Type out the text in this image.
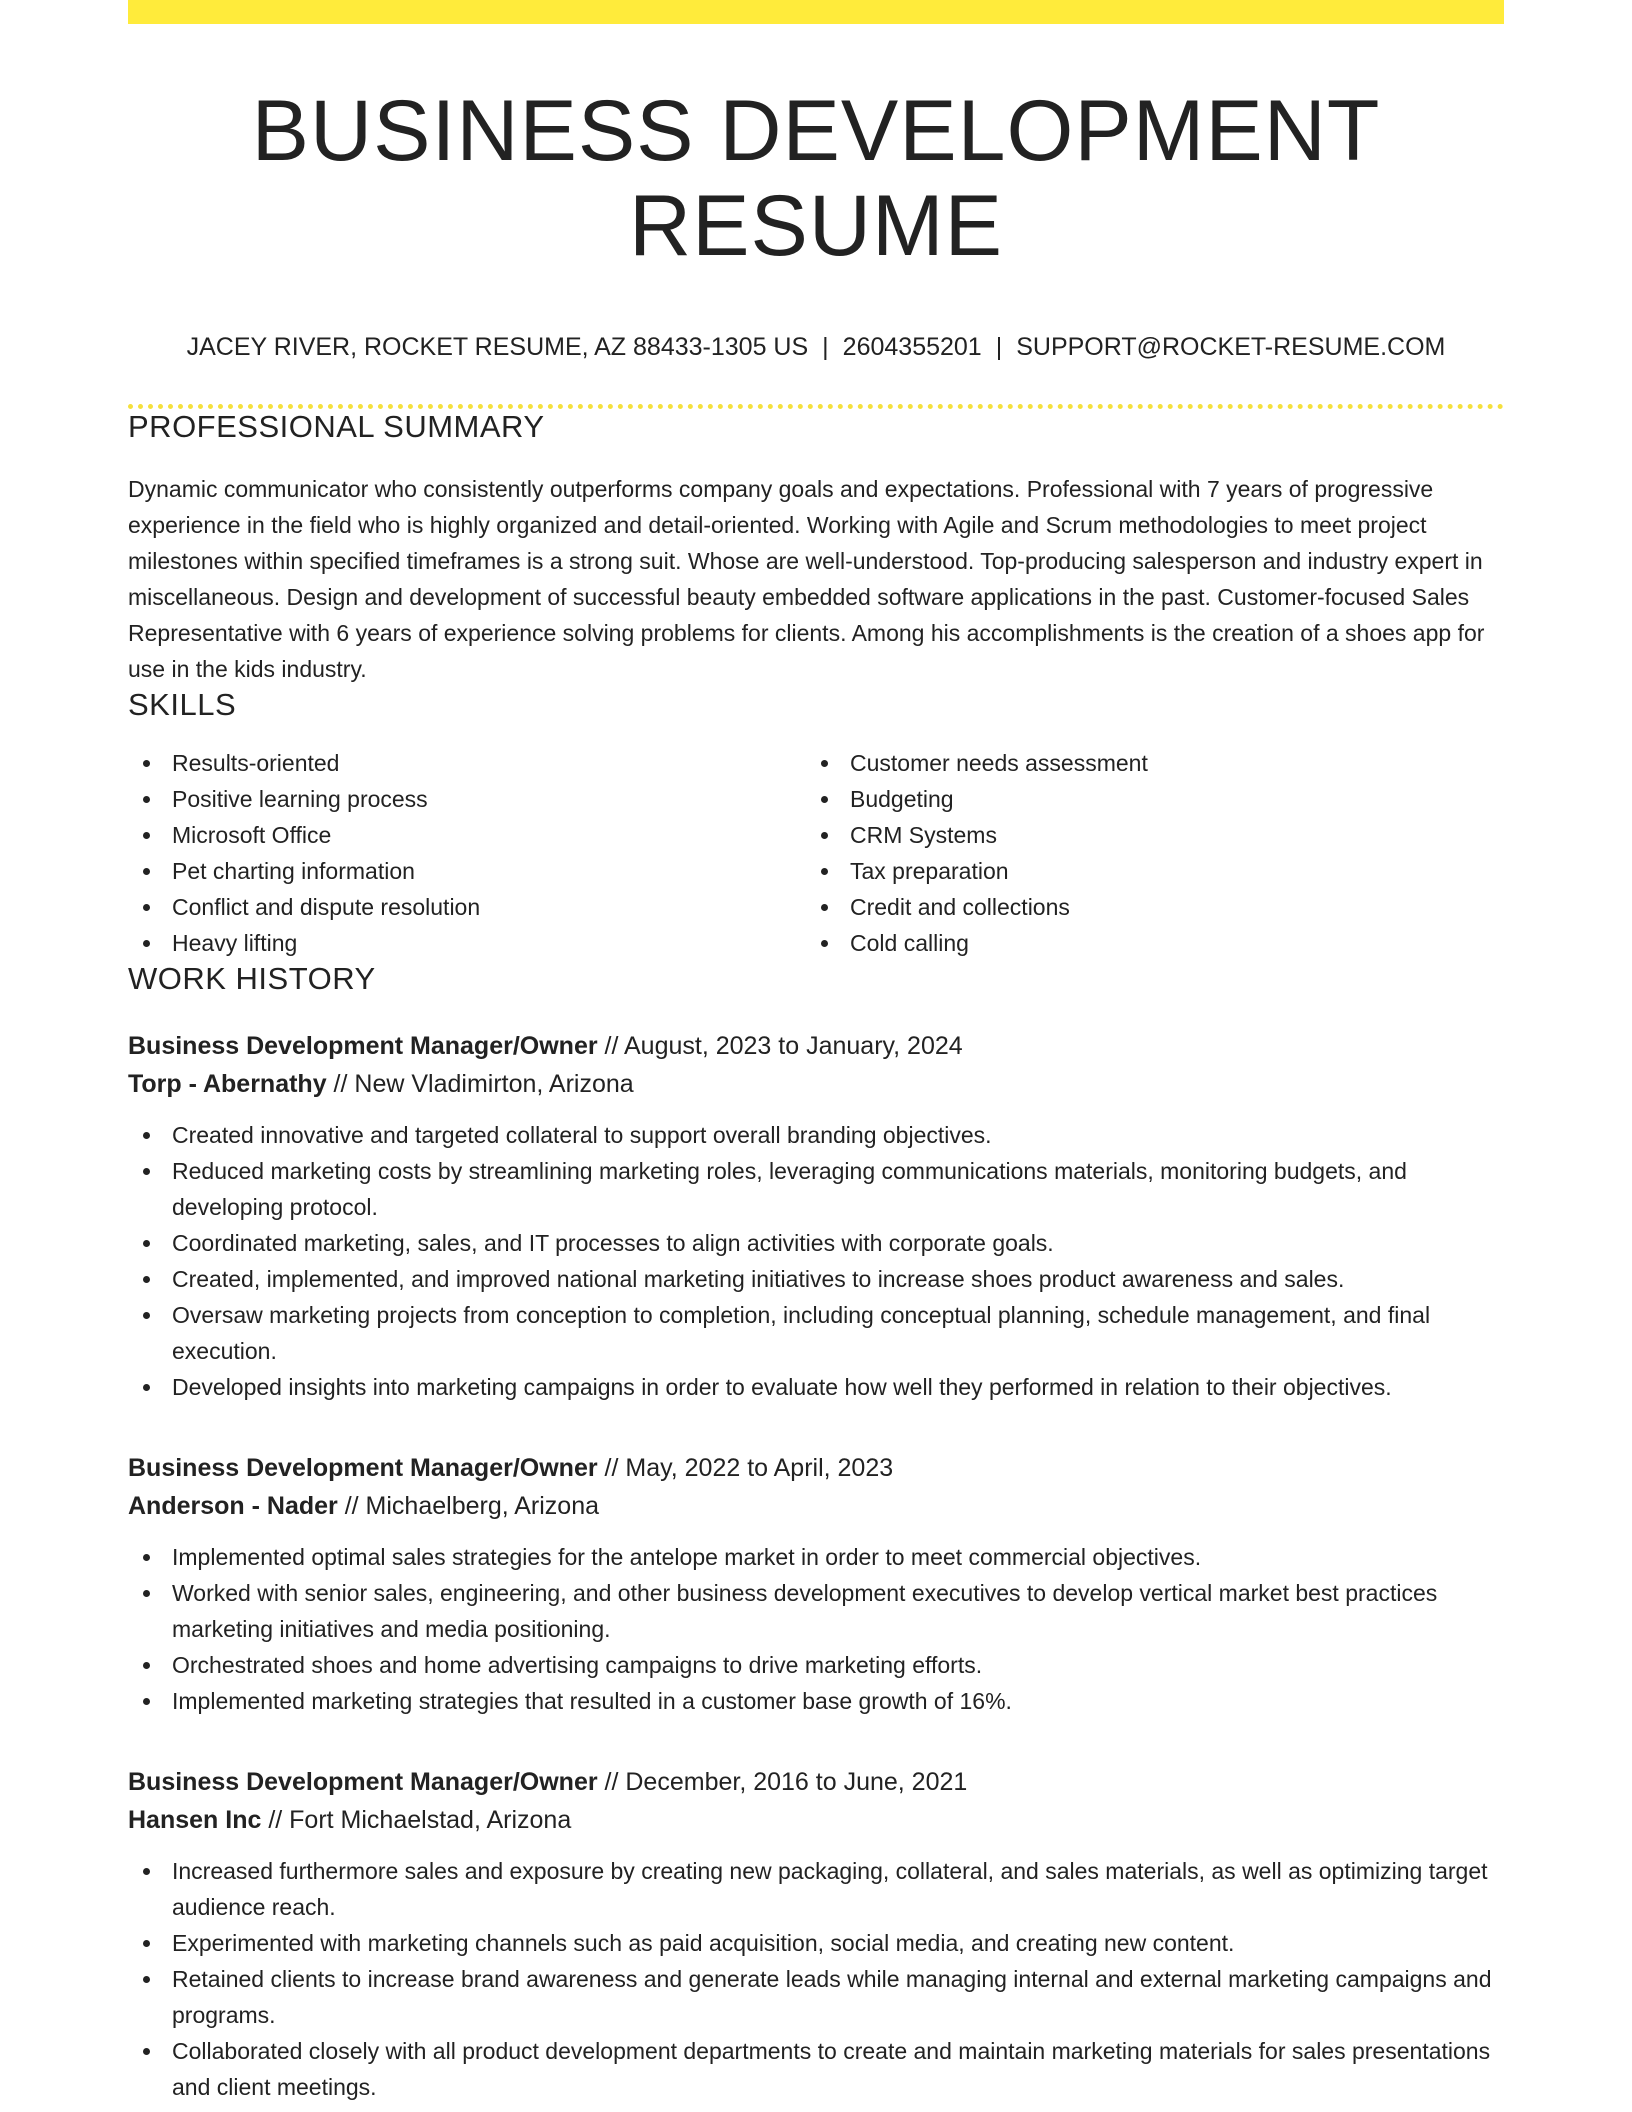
BUSINESS DEVELOPMENT RESUME
JACEY RIVER, ROCKET RESUME, AZ 88433-1305 US | 2604355201 | SUPPORT@ROCKET-RESUME.COM
PROFESSIONAL SUMMARY

Dynamic communicator who consistently outperforms company goals and expectations. Professional with 7 years of progressive experience in the field who is highly organized and detail-oriented. Working with Agile and Scrum methodologies to meet project milestones within specified timeframes is a strong suit. Whose are well-understood. Top-producing salesperson and industry expert in miscellaneous. Design and development of successful beauty embedded software applications in the past. Customer-focused Sales Representative with 6 years of experience solving problems for clients. Among his accomplishments is the creation of a shoes app for use in the kids industry.

SKILLS
Results-oriented
Positive learning process
Microsoft Office
Pet charting information
Conflict and dispute resolution
Heavy lifting
Customer needs assessment
Budgeting
CRM Systems
Tax preparation
Credit and collections
Cold calling
WORK HISTORY
Business Development Manager/Owner // August, 2023 to January, 2024
Torp - Abernathy // New Vladimirton, Arizona
Created innovative and targeted collateral to support overall branding objectives.
Reduced marketing costs by streamlining marketing roles, leveraging communications materials, monitoring budgets, and developing protocol.
Coordinated marketing, sales, and IT processes to align activities with corporate goals.
Created, implemented, and improved national marketing initiatives to increase shoes product awareness and sales.
Oversaw marketing projects from conception to completion, including conceptual planning, schedule management, and final execution.
Developed insights into marketing campaigns in order to evaluate how well they performed in relation to their objectives.
Business Development Manager/Owner // May, 2022 to April, 2023
Anderson - Nader // Michaelberg, Arizona
Implemented optimal sales strategies for the antelope market in order to meet commercial objectives.
Worked with senior sales, engineering, and other business development executives to develop vertical market best practices marketing initiatives and media positioning.
Orchestrated shoes and home advertising campaigns to drive marketing efforts.
Implemented marketing strategies that resulted in a customer base growth of 16%.
Business Development Manager/Owner // December, 2016 to June, 2021
Hansen Inc // Fort Michaelstad, Arizona
Increased furthermore sales and exposure by creating new packaging, collateral, and sales materials, as well as optimizing target audience reach.
Experimented with marketing channels such as paid acquisition, social media, and creating new content.
Retained clients to increase brand awareness and generate leads while managing internal and external marketing campaigns and programs.
Collaborated closely with all product development departments to create and maintain marketing materials for sales presentations and client meetings.
